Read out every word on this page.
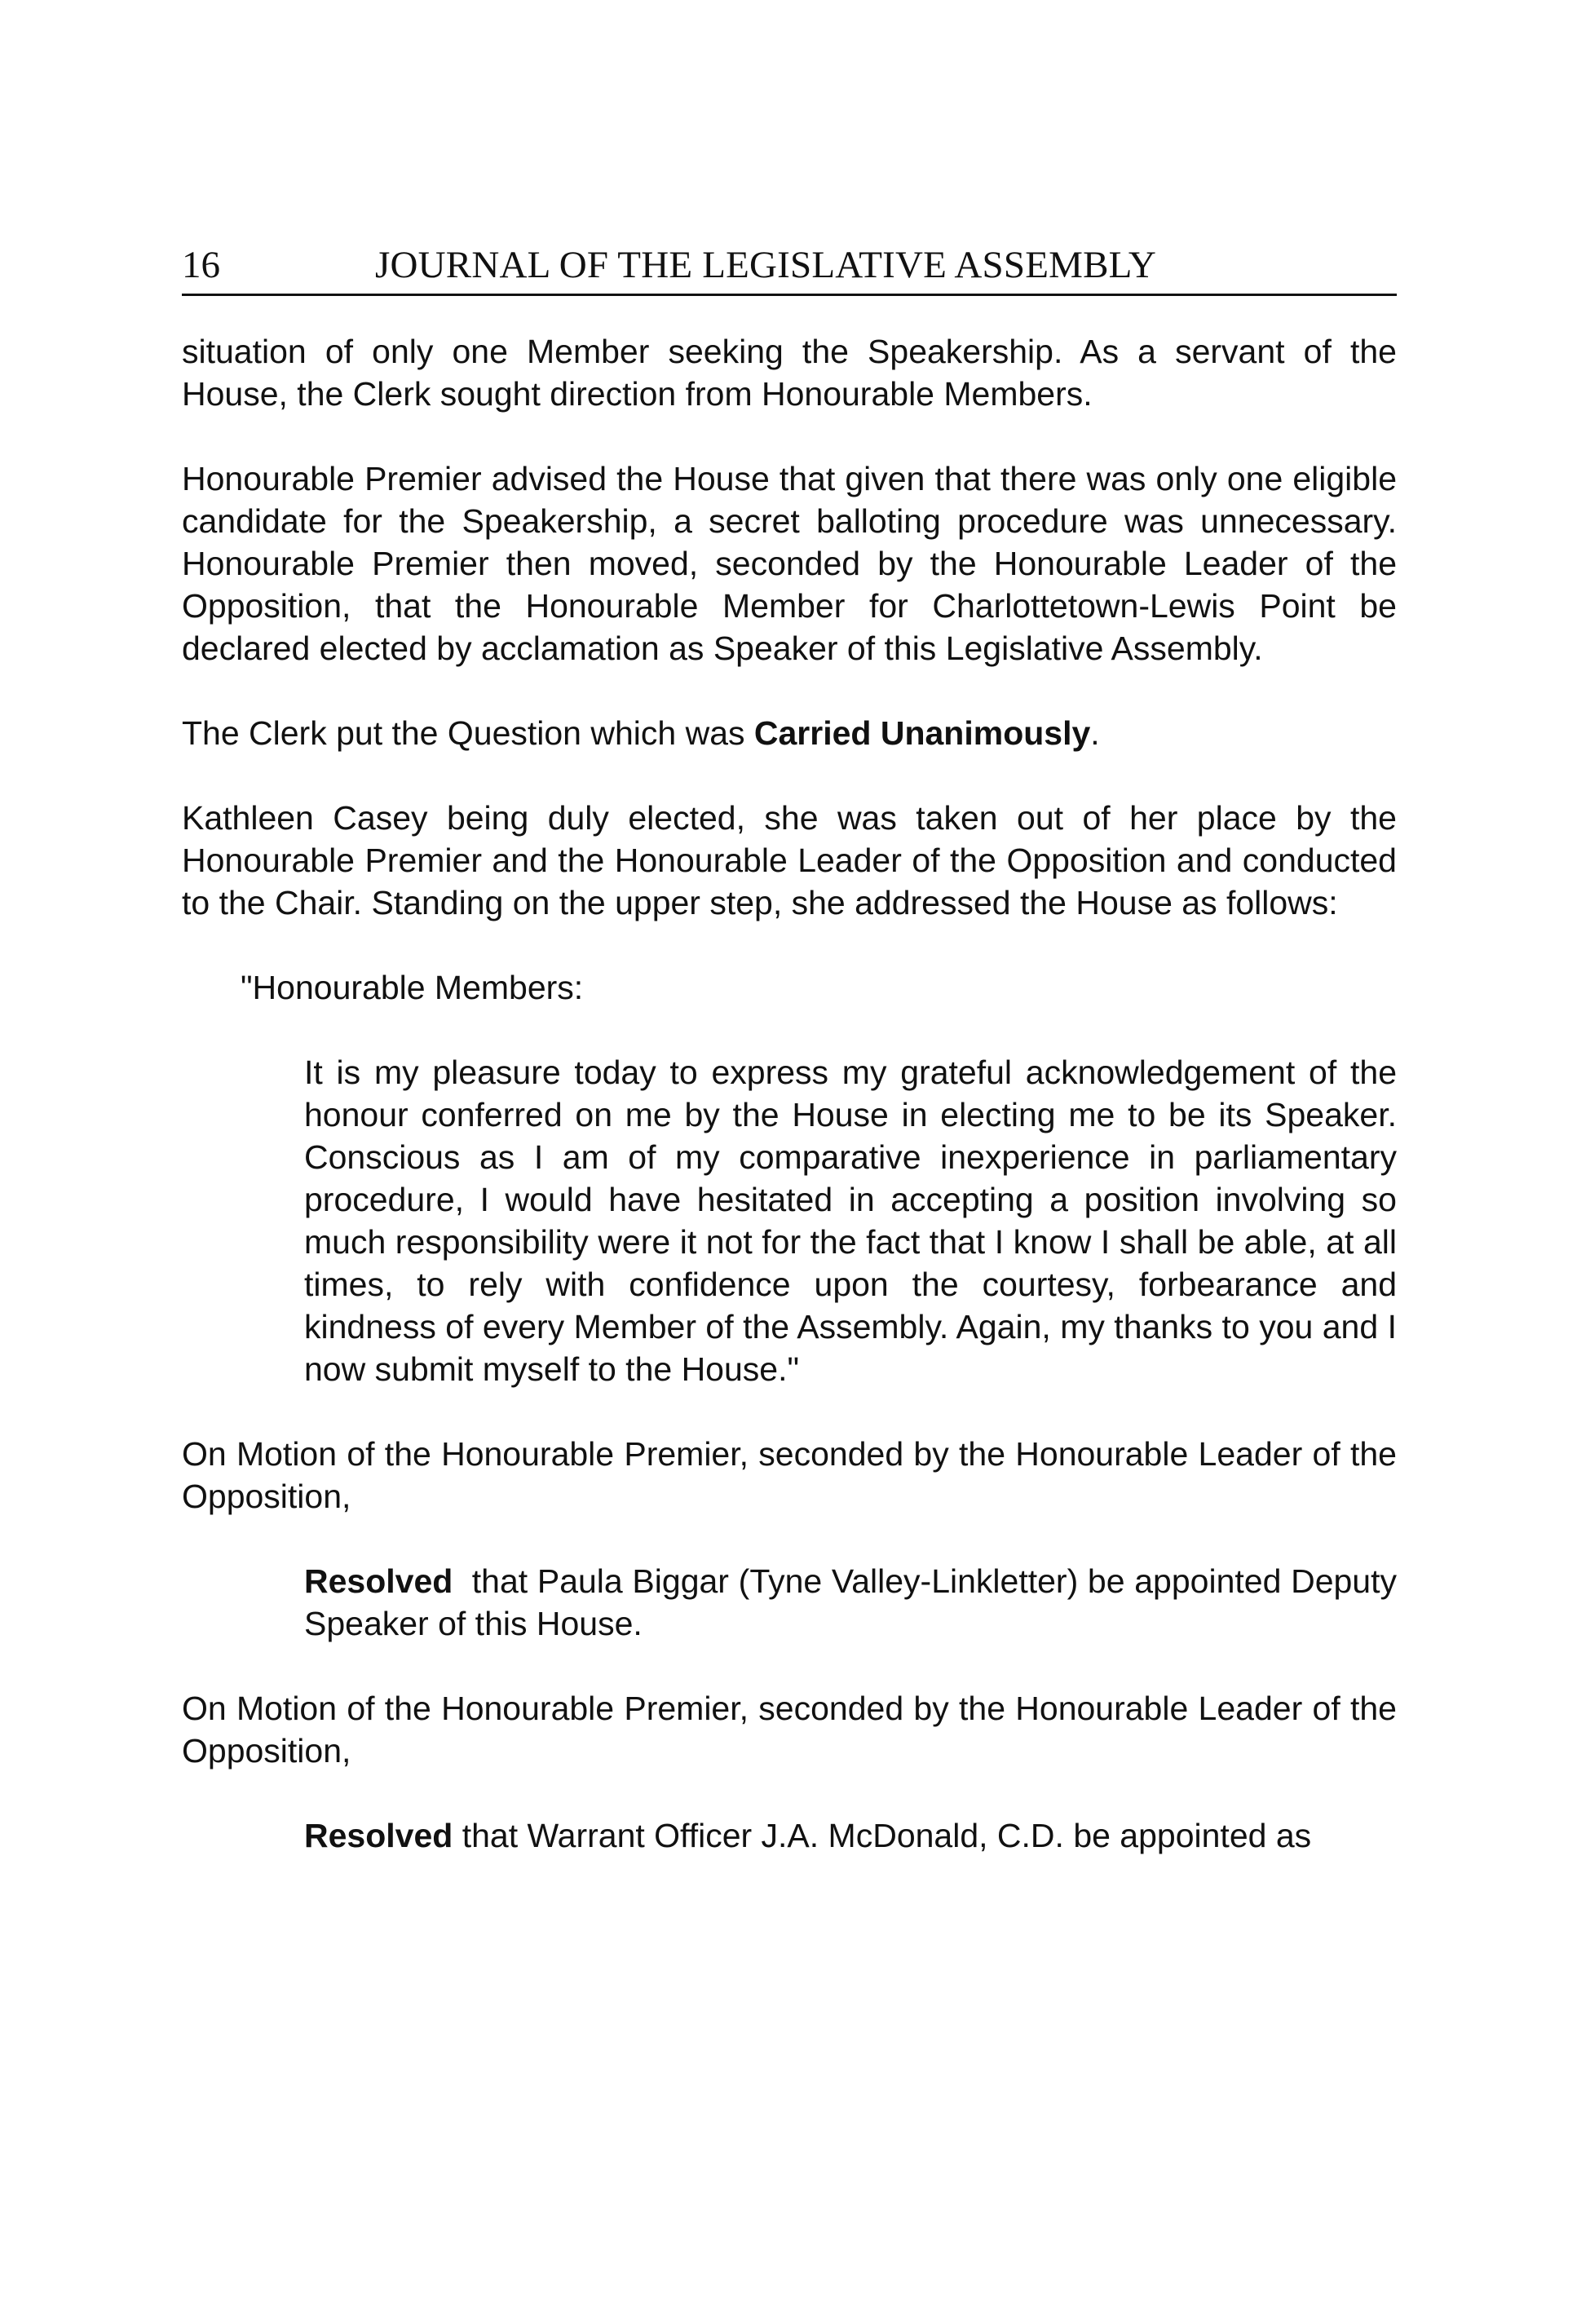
16	JOURNAL OF THE LEGISLATIVE ASSEMBLY

situation of only one Member seeking the Speakership. As a servant of the House, the Clerk sought direction from Honourable Members.

Honourable Premier advised the House that given that there was only one eligible candidate for the Speakership, a secret balloting procedure was unnecessary. Honourable Premier then moved, seconded by the Honourable Leader of the Opposition, that the Honourable Member for Charlottetown-Lewis Point be declared elected by acclamation as Speaker of this Legislative Assembly.

The Clerk put the Question which was Carried Unanimously.

Kathleen Casey being duly elected, she was taken out of her place by the Honourable Premier and the Honourable Leader of the Opposition and conducted to the Chair. Standing on the upper step, she addressed the House as follows:

"Honourable Members:

It is my pleasure today to express my grateful acknowledgement of the honour conferred on me by the House in electing me to be its Speaker. Conscious as I am of my comparative inexperience in parliamentary procedure, I would have hesitated in accepting a position involving so much responsibility were it not for the fact that I know I shall be able, at all times, to rely with confidence upon the courtesy, forbearance and kindness of every Member of the Assembly. Again, my thanks to you and I now submit myself to the House."

On Motion of the Honourable Premier, seconded by the Honourable Leader of the Opposition,

Resolved  that Paula Biggar (Tyne Valley-Linkletter) be appointed Deputy Speaker of this House.

On Motion of the Honourable Premier, seconded by the Honourable Leader of the Opposition,

Resolved that Warrant Officer J.A. McDonald, C.D. be appointed as
